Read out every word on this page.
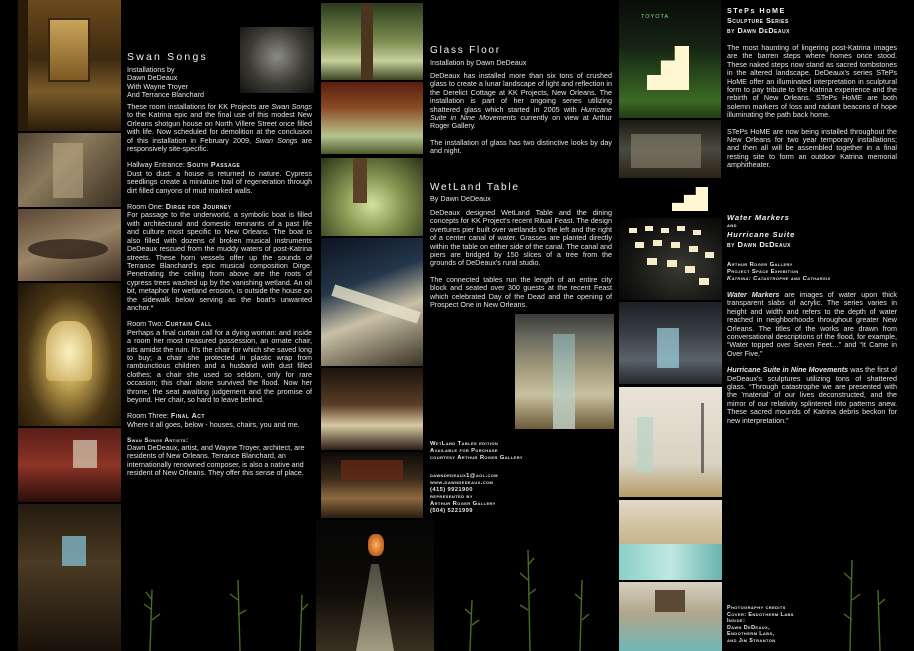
Swan Songs
Installations by
Dawn DeDeaux
With Wayne Troyer
And Terrance Blanchard

These room installations for KK Projects are Swan Songs to the Katrina epic and the final use of this modest New Orleans shotgun house on North Villere Street once filled with life. Now scheduled for demolition at the conclusion of this installation in February 2009, Swan Songs are responsively site-specific.

Hallway Entrance: South Passage

Dust to dust: a house is returned to nature. Cypress seedlings create a miniature trail of regeneration through dirt filled canyons of mud marked walls.

Room One: Dirge for Journey

For passage to the underworld, a symbolic boat is filled with architectural and domestic remnants of a past life and culture most specific to New Orleans. The boat is also filled with dozens of broken musical instruments DeDeaux rescued from the muddy waters of post-Katrina streets. These horn vessels offer up the sounds of Terrance Blanchard's epic musical composition Dirge. Penetrating the ceiling from above are the roots of cypress trees washed up by the vanishing wetland. An oil bit, metaphor for wetland erosion, is outside the house on the sidewalk below serving as the boat's unwanted anchor.*

Room Two: Curtain Call

Perhaps a final curtain call for a dying woman: and inside a room her most treasured possession, an ornate chair, sits amidst the ruin. It's the chair for which she saved long to buy; a chair she protected in plastic wrap from rambunctious children and a husband with dust filled clothes; a chair she used so seldom, only for rare occasion; this chair alone survived the flood. Now her throne, the seat awaiting judgement and the promise of beyond. Her chair, so hard to leave behind.

Room Three: Final Act

Where it all goes, below - houses, chairs, you and me.

Swan Songs Artists:
Dawn DeDeaux, artist, and Wayne Troyer, architect, are residents of New Orleans. Terrance Blanchard, an internationally renowned composer, is also a native and resident of New Orleans. They offer this sense of place.
Glass Floor
Installation by Dawn DeDeaux

DeDeaux has installed more than six tons of crushed glass to create a lunar landscape of light and reflection in the Derelict Cottage at KK Projects, New Orleans. The installation is part of her ongoing series utilizing shattered glass which started in 2005 with Hurricane Suite in Nine Movements currently on view at Arthur Roger Gallery.

The installation of glass has two distinctive looks by day and night.

WetLand Table
By Dawn DeDeaux

DeDeaux designed WetLand Table and the dining concepts for KK Project's recent Ritual Feast. The design overtures pier built over wetlands to the left and the right of a center canal of water. Grasses are planted directly within the table on either side of the canal. The canal and piers are bridged by 150 slices of a tree from the grounds of DeDeaux's rural studio.

The connected tables run the length of an entire city block and seated over 300 guests at the recent Feast which celebrated Day of the Dead and the opening of Prospect One in New Orleans.

WetLand Tables edition
Available for Purchase
courtesy Arthur Roger Gallery
dawndedeaux1@aol.com
www.dawndedeaux.com
(415) 9921900
represented by
Arthur Roger Gallery
(504) 5221999
TOYOTA
STePs HoME
Sculpture Series
by Dawn DeDeaux

The most haunting of lingering post-Katrina images are the barren steps where homes once stood. These naked steps now stand as sacred tombstones in the altered landscape. DeDeaux's series STePs HoME offer an illuminated interpretation in sculptural form to pay tribute to the Katrina experience and the rebirth of New Orleans. STePs HoME are both solemn markers of loss and radiant beacons of hope illuminating the path back home.

STePs HoME are now being installed throughout the New Orleans for two year temporary installations; and then all will be assembled together in a final resting site to form an outdoor Katrina memorial amphitheater.

Water Markers
and
Hurricane Suite
by Dawn DeDeaux
Arthur Roger Gallery
Project Space Exhibition
Katrina: Catastrophe and Catharsis

Water Markers are images of water upon thick transparent slabs of acrylic. The series varies in height and width and refers to the depth of water reached in neighborhoods throughout greater New Orleans. The titles of the works are drawn from conversational descriptions of the flood, for example, “Water topped over Seven Feet…” and “It Came in Over Five.”

Hurricane Suite in Nine Movements was the first of DeDeaux's sculptures utilizing tons of shattered glass. “Through catastrophe we are presented with the 'material' of our lives deconstructed, and the mirror of our relativity splintered into patterns anew. These sacred mounds of Katrina debris beckon for new interpretation.”

Photography credits
Cover: Endotherm Labs
Inside:
Dawn DeDeaux,
Endotherm Labs,
and Jim Stranton
